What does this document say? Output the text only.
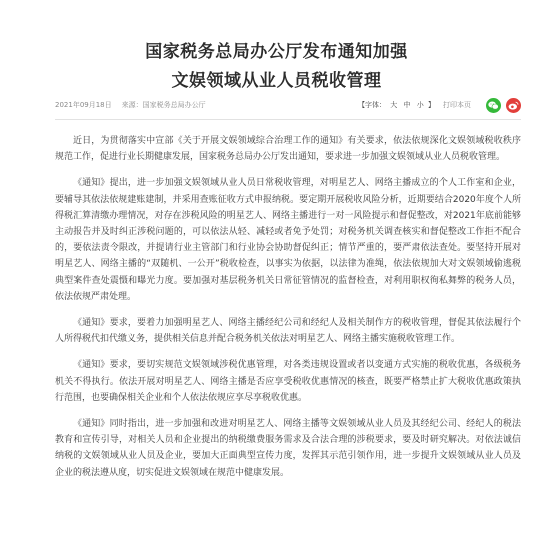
国家税务总局办公厅发布通知加强
文娱领域从业人员税收管理
2021年09月18日 来源：国家税务总局办公厅	【字体： 大 中 小 】 打印本页

近日，为贯彻落实中宣部《关于开展文娱领域综合治理工作的通知》有关要求，依法依规深化文娱领域税收秩序规范工作，促进行业长期健康发展，国家税务总局办公厅发出通知，要求进一步加强文娱领域从业人员税收管理。

《通知》提出，进一步加强文娱领域从业人员日常税收管理，对明星艺人、网络主播成立的个人工作室和企业，要辅导其依法依规建账建制，并采用查账征收方式申报纳税。要定期开展税收风险分析，近期要结合2020年度个人所得税汇算清缴办理情况，对存在涉税风险的明星艺人、网络主播进行一对一风险提示和督促整改，对2021年底前能够主动报告并及时纠正涉税问题的，可以依法从轻、减轻或者免予处罚；对税务机关调查核实和督促整改工作拒不配合的，要依法责令限改，并提请行业主管部门和行业协会协助督促纠正；情节严重的，要严肃依法查处。要坚持开展对明星艺人、网络主播的“双随机、一公开”税收检查，以事实为依据，以法律为准绳，依法依规加大对文娱领域偷逃税典型案件查处震慑和曝光力度。要加强对基层税务机关日常征管情况的监督检查，对利用职权徇私舞弊的税务人员，依法依规严肃处理。

《通知》要求，要着力加强明星艺人、网络主播经纪公司和经纪人及相关制作方的税收管理，督促其依法履行个人所得税代扣代缴义务，提供相关信息并配合税务机关依法对明星艺人、网络主播实施税收管理工作。

《通知》要求，要切实规范文娱领域涉税优惠管理，对各类违规设置或者以变通方式实施的税收优惠，各级税务机关不得执行。依法开展对明星艺人、网络主播是否应享受税收优惠情况的核查，既要严格禁止扩大税收优惠政策执行范围，也要确保相关企业和个人依法依规应享尽享税收优惠。

《通知》同时指出，进一步加强和改进对明星艺人、网络主播等文娱领域从业人员及其经纪公司、经纪人的税法教育和宣传引导，对相关人员和企业提出的纳税缴费服务需求及合法合理的涉税要求，要及时研究解决。对依法诚信纳税的文娱领域从业人员及企业，要加大正面典型宣传力度，发挥其示范引领作用，进一步提升文娱领域从业人员及企业的税法遵从度，切实促进文娱领域在规范中健康发展。
